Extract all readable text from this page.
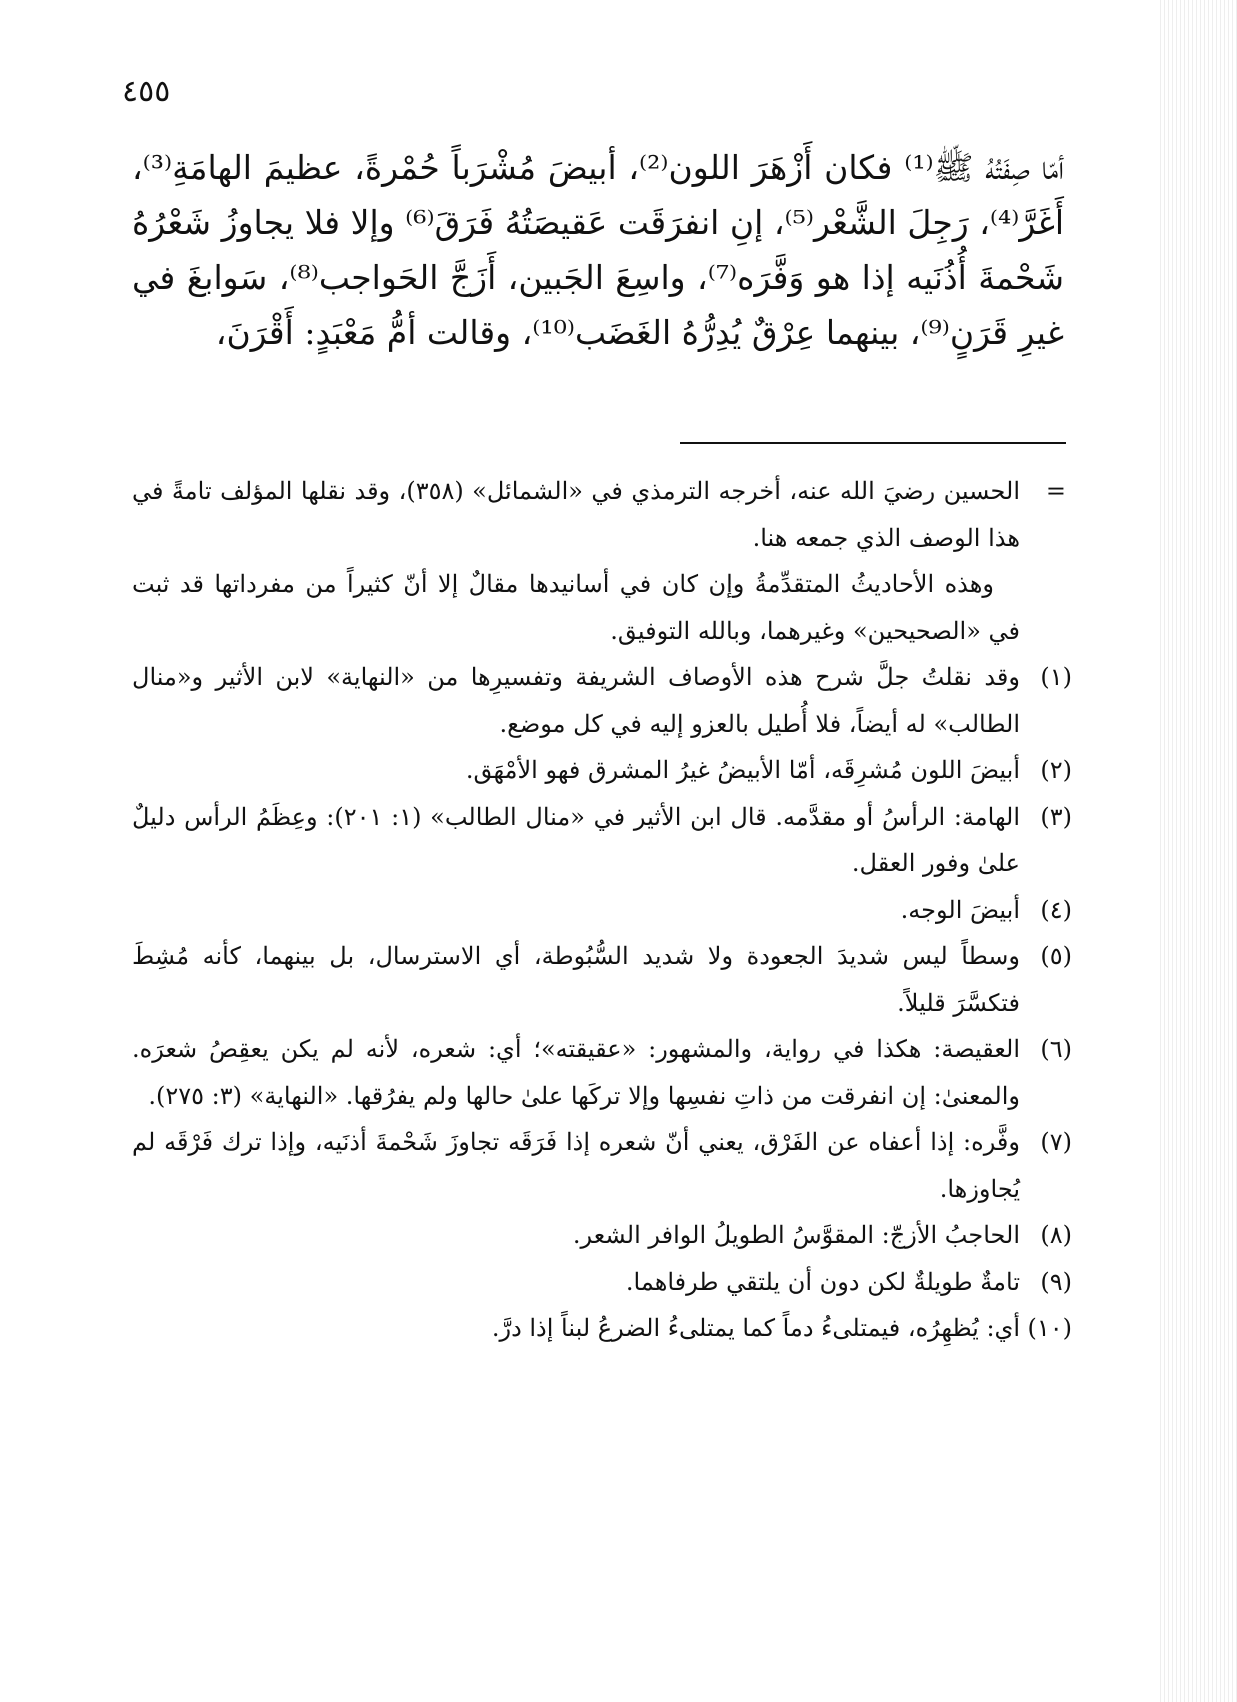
٤٥٥

أمّا صِفَتُهُ ﷺ⁽¹⁾ فكان أَزْهَرَ اللون⁽²⁾، أبيضَ مُشْرَباً حُمْرةً، عظيمَ الهامَةِ⁽³⁾، أَغَرَّ⁽⁴⁾، رَجِلَ الشَّعْر⁽⁵⁾، إنِ انفرَقَت عَقيصَتُهُ فَرَقَ⁽⁶⁾ وإلا فلا يجاوزُ شَعْرُهُ شَحْمةَ أُذُنَيه إذا هو وَفَّرَه⁽⁷⁾، واسِعَ الجَبين، أَزَجَّ الحَواجب⁽⁸⁾، سَوابغَ في غيرِ قَرَنٍ⁽⁹⁾، بينهما عِرْقٌ يُدِرُّهُ الغَضَب⁽¹⁰⁾، وقالت أمُّ مَعْبَدٍ: أَقْرَنَ،

=
الحسين رضيَ الله عنه، أخرجه الترمذي في «الشمائل» (٣٥٨)، وقد نقلها المؤلف تامةً في هذا الوصف الذي جمعه هنا.
وهذه الأحاديثُ المتقدِّمةُ وإن كان في أسانيدها مقالٌ إلا أنّ كثيراً من مفرداتها قد ثبت في «الصحيحين» وغيرهما، وبالله التوفيق.
(١)
وقد نقلتُ جلَّ شرح هذه الأوصاف الشريفة وتفسيرِها من «النهاية» لابن الأثير و«منال الطالب» له أيضاً، فلا أُطيل بالعزو إليه في كل موضع.
(٢)
أبيضَ اللون مُشرِقَه، أمّا الأبيضُ غيرُ المشرق فهو الأمْهَق.
(٣)
الهامة: الرأسُ أو مقدَّمه. قال ابن الأثير في «منال الطالب» (١: ٢٠١): وعِظَمُ الرأس دليلٌ علىٰ وفور العقل.
(٤)
أبيضَ الوجه.
(٥)
وسطاً ليس شديدَ الجعودة ولا شديد السُّبُوطة، أي الاسترسال، بل بينهما، كأنه مُشِطَ فتكسَّرَ قليلاً.
(٦)
العقيصة: هكذا في رواية، والمشهور: «عقيقته»؛ أي: شعره، لأنه لم يكن يعقِصُ شعرَه. والمعنىٰ: إن انفرقت من ذاتِ نفسِها وإلا تركَها علىٰ حالها ولم يفرُقها. «النهاية» (٣: ٢٧٥).
(٧)
وفَّره: إذا أعفاه عن الفَرْق، يعني أنّ شعره إذا فَرَقَه تجاوزَ شَحْمةَ أذنَيه، وإذا ترك فَرْقَه لم يُجاوزها.
(٨)
الحاجبُ الأزجّ: المقوَّسُ الطويلُ الوافر الشعر.
(٩)
تامةٌ طويلةٌ لكن دون أن يلتقي طرفاهما.
(١٠)
أي: يُظهِرُه، فيمتلىءُ دماً كما يمتلىءُ الضرعُ لبناً إذا درَّ.
